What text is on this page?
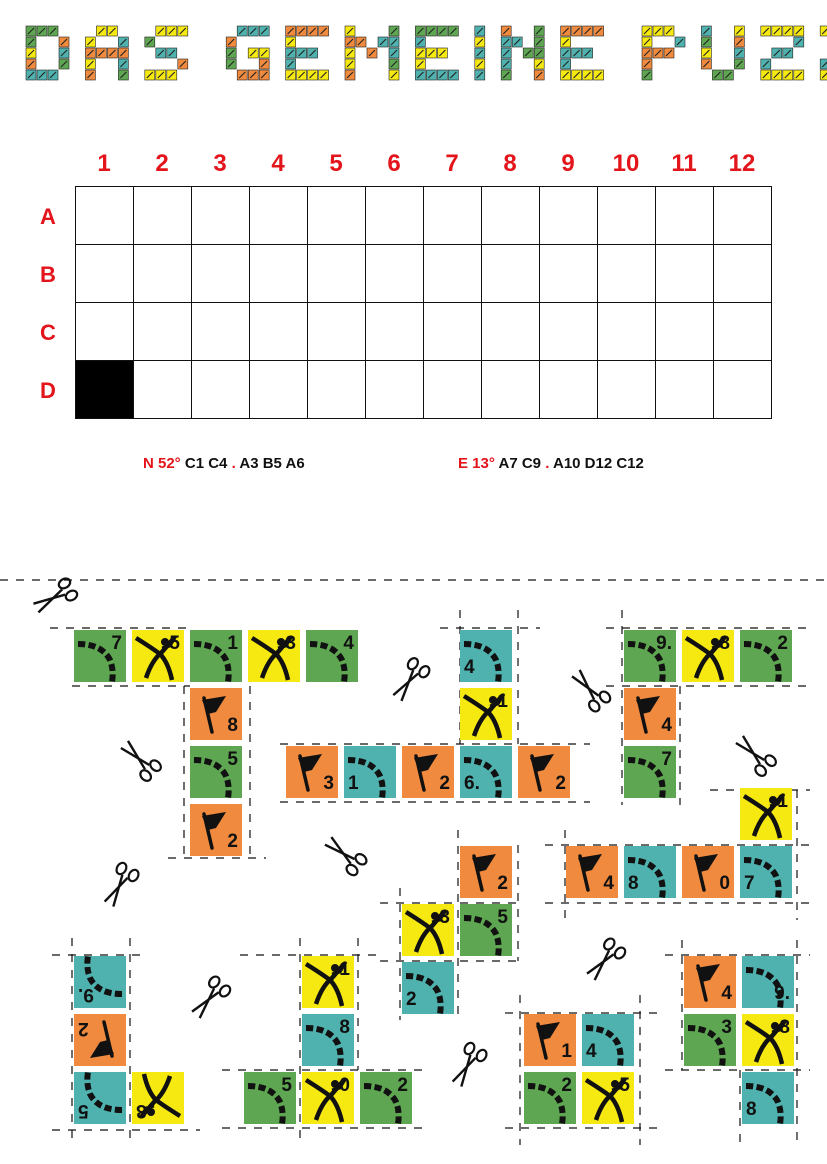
1	2	3	4	5	6	7	8	9	10	11	12
A
B
C
D

N 52° C1 C4 . A3 B5 A6	E 13° A7 C9 . A10 D12 C12
7 5 1 3 4
8
5
2
4
1
3 1	2 6.	2
9. 8 2
4
7
1
4 8	0 7
2
3 5
2
9.
2
5 3
1
8
5 0 2
1 4
2 5
4 9.
3 8
8
